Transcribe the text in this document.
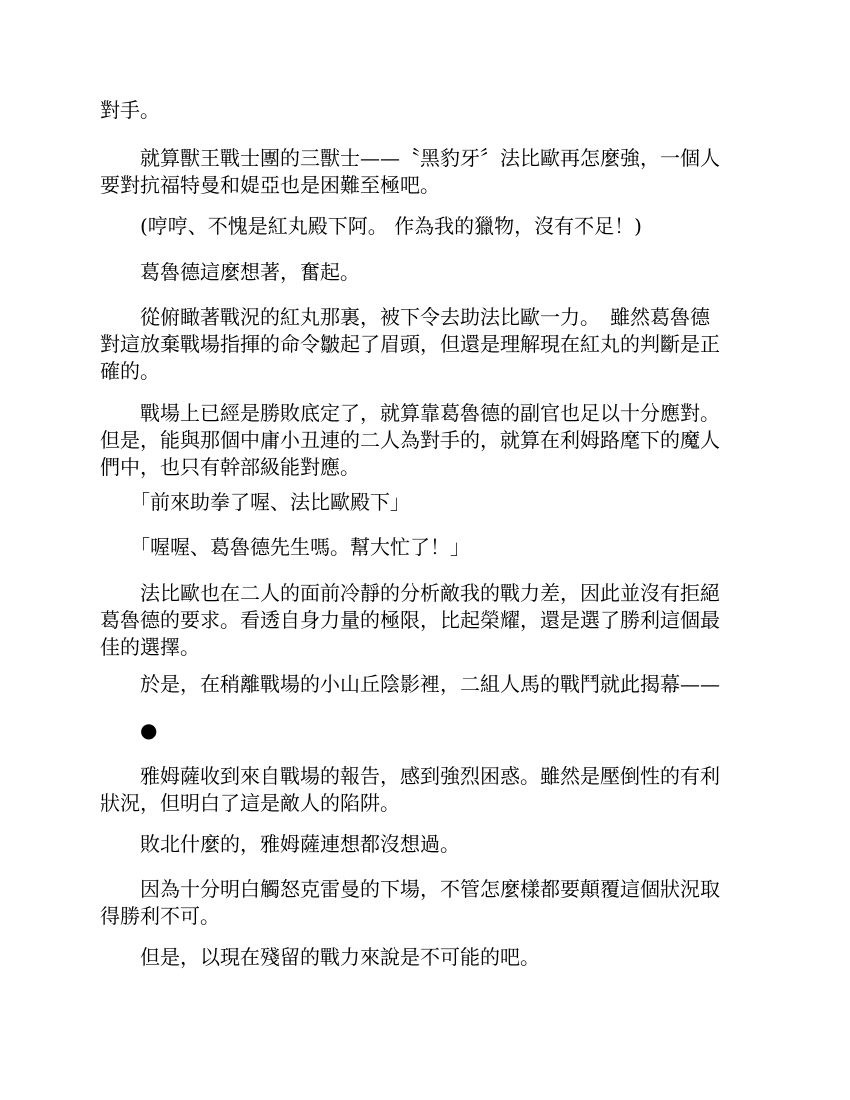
對手。

　　就算獸王戰士團的三獸士——〝黑豹牙〞法比歐再怎麼強，一個人
要對抗福特曼和媞亞也是困難至極吧。

　　(哼哼、不愧是紅丸殿下阿。 作為我的獵物，沒有不足！)

　　葛魯德這麼想著，奮起。

　　從俯瞰著戰況的紅丸那裏，被下令去助法比歐一力。　雖然葛魯德
對這放棄戰場指揮的命令皺起了眉頭，但還是理解現在紅丸的判斷是正
確的。

　　戰場上已經是勝敗底定了，就算靠葛魯德的副官也足以十分應對。
但是，能與那個中庸小丑連的二人為對手的，就算在利姆路麾下的魔人
們中，也只有幹部級能對應。

　　「前來助拳了喔、法比歐殿下」

　　「喔喔、葛魯德先生嗎。幫大忙了！」

　　法比歐也在二人的面前冷靜的分析敵我的戰力差，因此並沒有拒絕
葛魯德的要求。看透自身力量的極限，比起榮耀，還是選了勝利這個最
佳的選擇。

　　於是，在稍離戰場的小山丘陰影裡，二組人馬的戰鬥就此揭幕——

　　●

　　雅姆薩收到來自戰場的報告，感到強烈困惑。雖然是壓倒性的有利
狀況，但明白了這是敵人的陷阱。

　　敗北什麼的，雅姆薩連想都沒想過。

　　因為十分明白觸怒克雷曼的下場，不管怎麼樣都要顛覆這個狀況取
得勝利不可。

　　但是，以現在殘留的戰力來說是不可能的吧。
